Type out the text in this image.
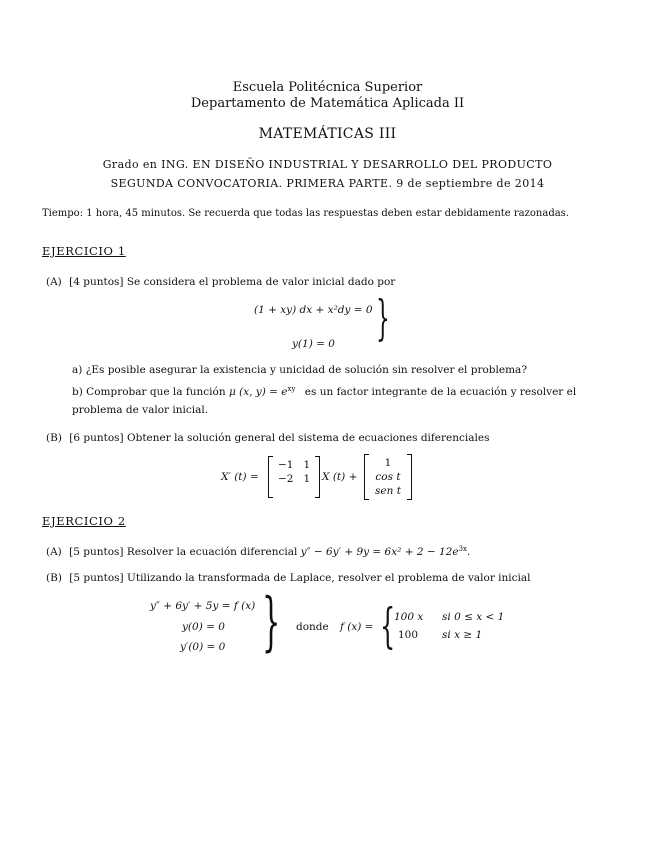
Escuela Politécnica Superior
Departamento de Matemática Aplicada II
MATEMÁTICAS III
Grado en ING. EN DISEÑO INDUSTRIAL Y DESARROLLO DEL PRODUCTO
SEGUNDA CONVOCATORIA. PRIMERA PARTE. 9 de septiembre de 2014
Tiempo: 1 hora, 45 minutos. Se recuerda que todas las respuestas deben estar debidamente razonadas.
EJERCICIO 1
(A) [4 puntos] Se considera el problema de valor inicial dado por
(1 + xy) dx + x²dy = 0
y(1) = 0 }
a) ¿Es posible asegurar la existencia y unicidad de solución sin resolver el problema?
b) Comprobar que la función μ (x, $y) = e^{xy}$ es un factor integrante de la ecuación y resolver el
problema de valor inicial.
(B) [6 puntos] Obtener la solución general del sistema de ecuaciones diferenciales
X′ (t) =
−1	1
−2	1 X (t) +
1
cos t
sen t
EJERCICIO 2
(A) [5 puntos] Resolver la ecuación diferencial $y'' - 6y' + 9y = 6x^2 + 2 - 12e^{3x}$.
(B) [5 puntos] Utilizando la transformada de Laplace, resolver el problema de valor inicial
y″ + 6y′ + 5y = f (x)
y(0) = 0
y′(0) = 0 } donde f (x) = {
100 x si 0 ≤ x < 1
100 si x ≥ 1
